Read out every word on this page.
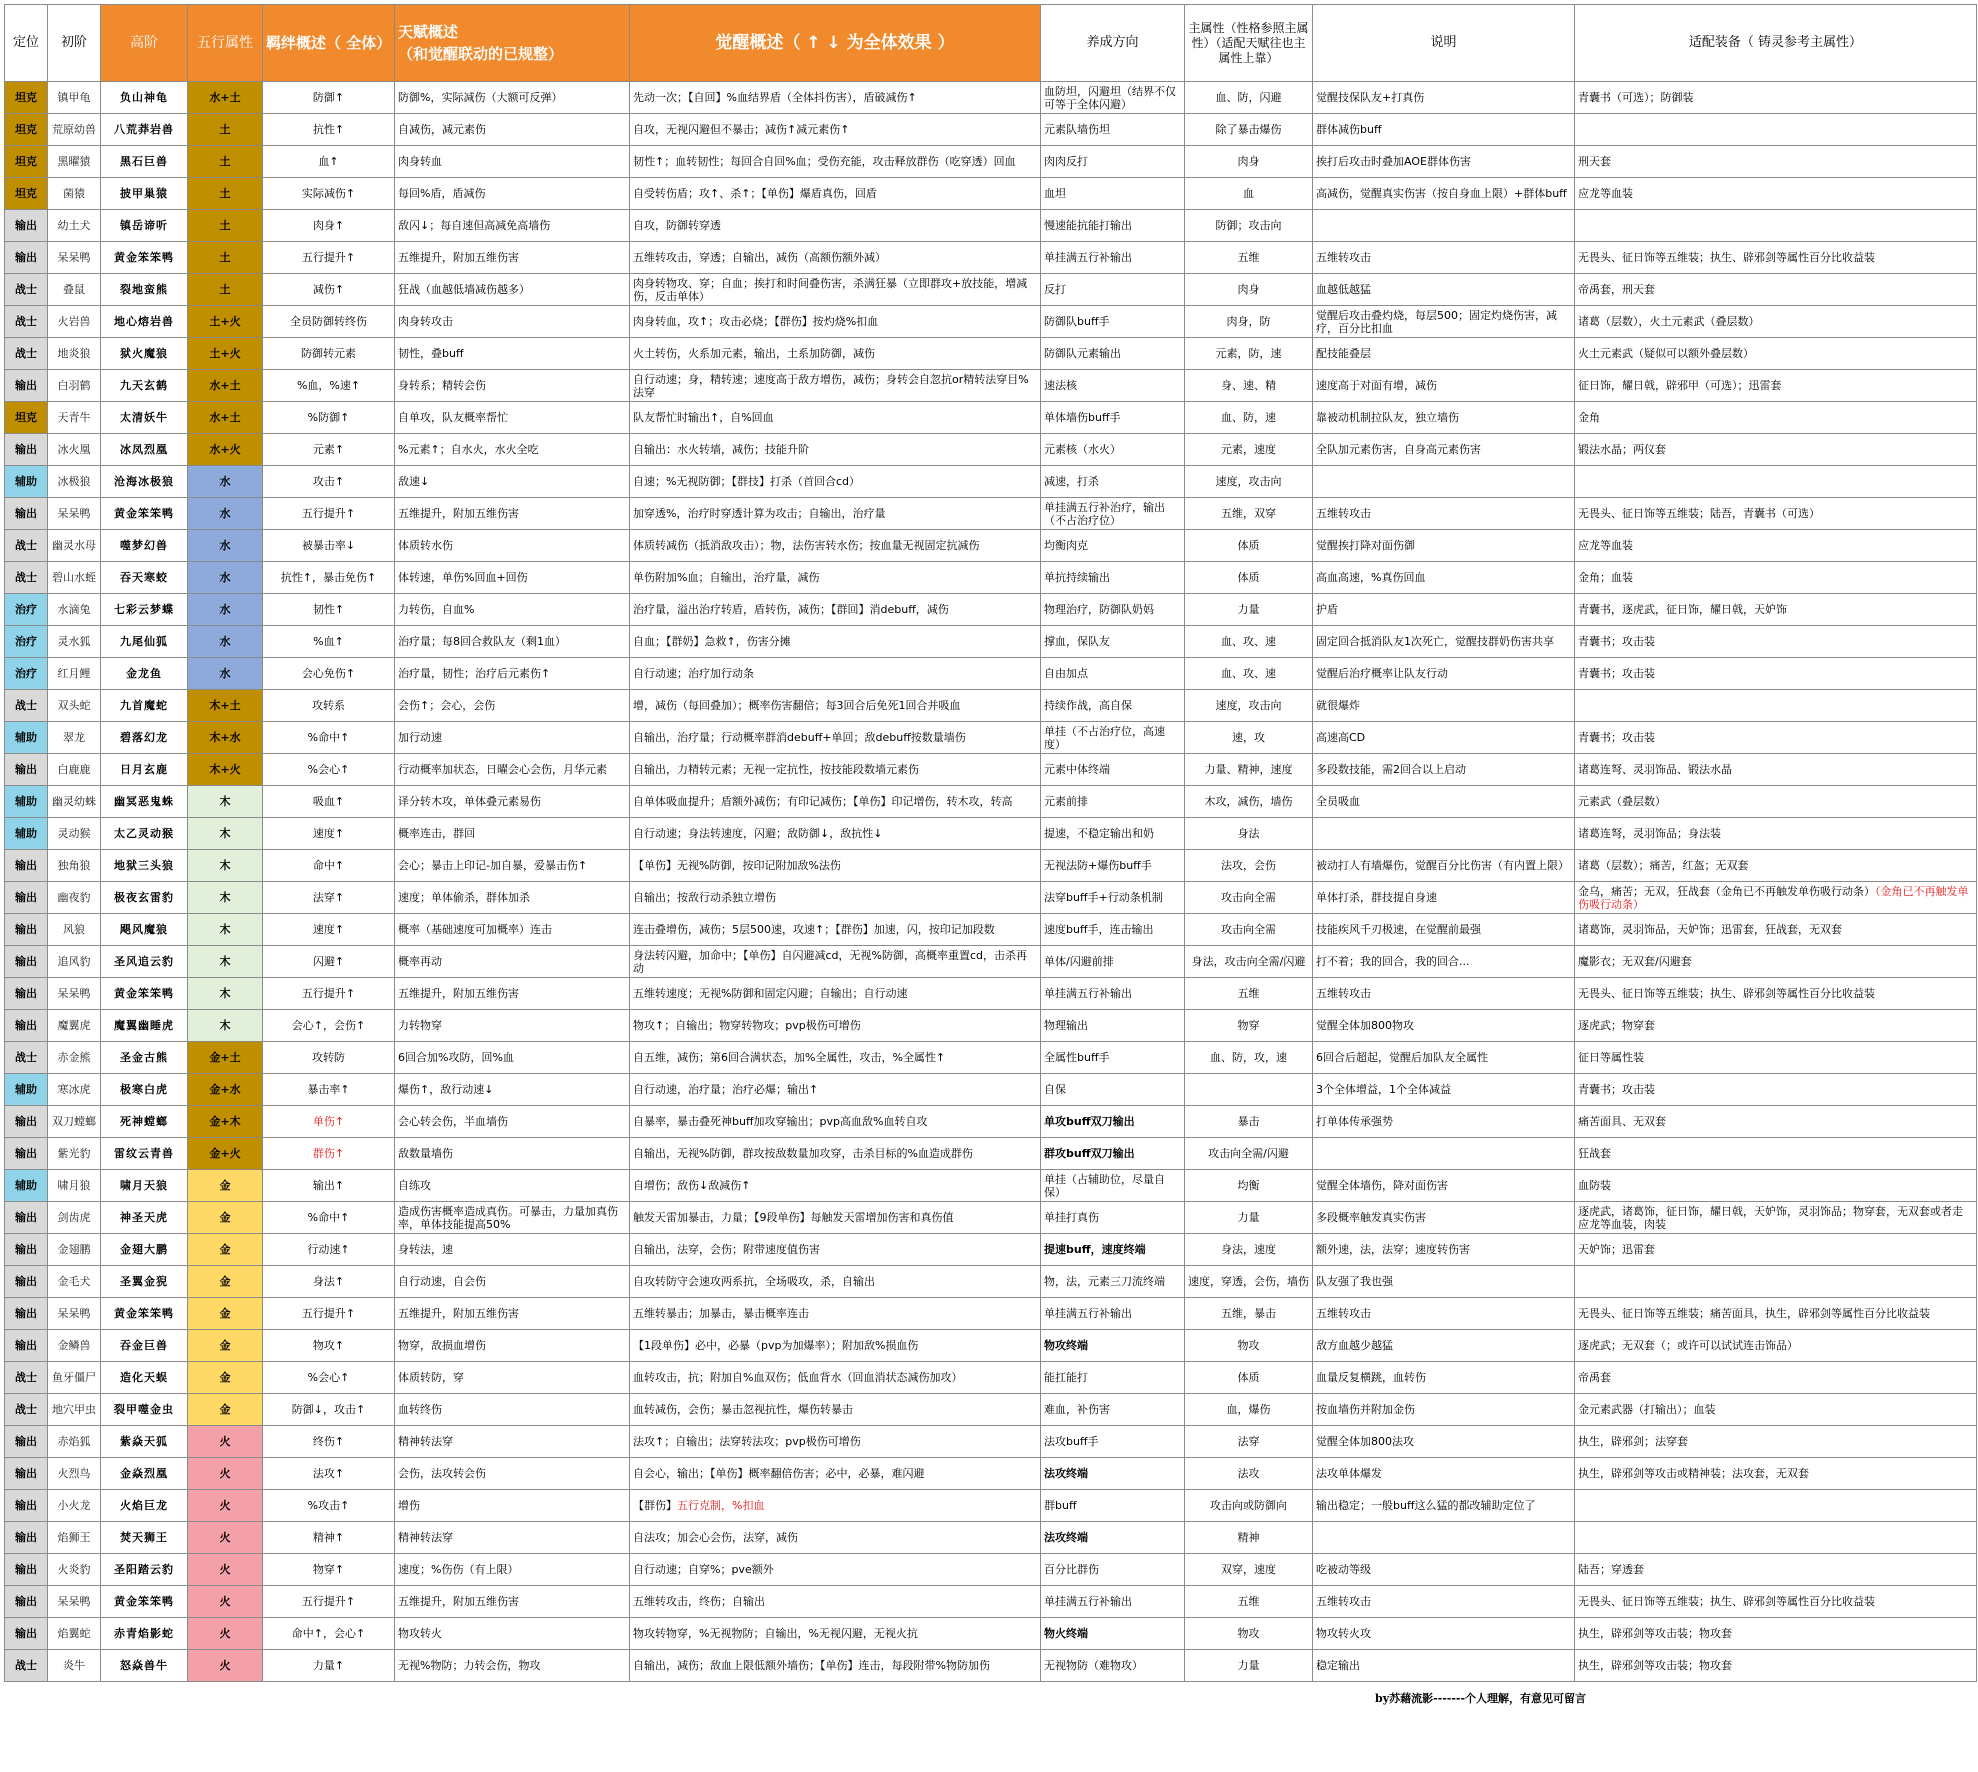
定位	初阶	高阶	五行属性	羁绊概述（ 全体）	天赋概述
（和觉醒联动的已规整）	觉醒概述（ ↑ ↓ 为全体效果 ）	养成方向	主属性（性格参照主属性）（适配天赋往也主属性上靠）	说明	适配装备（ 铸灵参考主属性）
坦克	镇甲龟	负山神龟	水+土	防御↑	防御%，实际减伤（大额可反弹）	先动一次；【自回】%血结界盾（全体抖伤害），盾破减伤↑	血防坦，闪避坦（结界不仅可等于全体闪避）	血、防，闪避	觉醒技保队友+打真伤	青囊书（可选）；防御装
坦克	荒原幼兽	八荒莽岩兽	土	抗性↑	自减伤，减元素伤	自攻，无视闪避但不暴击；减伤↑减元素伤↑	元素队墙伤坦	除了暴击爆伤	群体减伤buff	
坦克	黑曜猿	黑石巨兽	土	血↑	肉身转血	韧性↑；血转韧性；每回合自回%血；受伤充能，攻击释放群伤（吃穿透）回血	肉肉反打	肉身	挨打后攻击时叠加AOE群体伤害	刑天套
坦克	菌猿	披甲巢猿	土	实际减伤↑	每回%盾，盾减伤	自受转伤盾；攻↑、杀↑；【单伤】爆盾真伤，回盾	血坦	血	高减伤，觉醒真实伤害（按自身血上限）+群体buff	应龙等血装
输出	幼土犬	镇岳谛听	土	肉身↑	敌闪↓；每自速但高减免高墙伤	自攻，防御转穿透	慢速能抗能打输出	防御；攻击向		
输出	呆呆鸭	黄金笨笨鸭	土	五行提升↑	五维提升，附加五维伤害	五维转攻击，穿透；自输出，减伤（高额伤额外减）	单挂满五行补输出	五维	五维转攻击	无畏头、征日饰等五维装；执生、辟邪剑等属性百分比收益装
战士	叠鼠	裂地蛮熊	土	减伤↑	狂战（血越低墙减伤越多）	肉身转物攻、穿；自血；挨打和时间叠伤害，杀满狂暴（立即群攻+放技能，增减伤，反击单体）	反打	肉身	血越低越猛	帝禹套，刑天套
战士	火岩兽	地心熔岩兽	土+火	全员防御转终伤	肉身转攻击	肉身转血，攻↑；攻击必烧；【群伤】按灼烧%扣血	防御队buff手	肉身，防	觉醒后攻击叠灼烧，每层500；固定灼烧伤害，减疗，百分比扣血	诸葛（层数），火土元素武（叠层数）
战士	地炎狼	狱火魔狼	土+火	防御转元素	韧性，叠buff	火土转伤，火系加元素，输出，土系加防御，减伤	防御队元素输出	元素，防，速	配技能叠层	火土元素武（疑似可以额外叠层数）
输出	白羽鹤	九天玄鹤	水+土	%血，%速↑	身转系；精转会伤	自行动速；身，精转速；速度高于敌方增伤，减伤；身转会自忽抗or精转法穿目%法穿	速法核	身、速、精	速度高于对面有增，减伤	征日饰，耀日戟，辟邪甲（可选）；迅雷套
坦克	天青牛	太清妖牛	水+土	%防御↑	自单攻，队友概率帮忙	队友帮忙时输出↑，自%回血	单体墙伤buff手	血、防，速	靠被动机制拉队友，独立墙伤	金角
输出	冰火凰	冰凤烈凰	水+火	元素↑	%元素↑；自水火，水火全吃	自输出：水火转墙，减伤；技能升阶	元素核（水火）	元素，速度	全队加元素伤害，自身高元素伤害	锻法水晶；两仪套
辅助	冰极狼	沧海冰极狼	水	攻击↑	敌速↓	自速；%无视防御；【群技】打杀（首回合cd）	减速，打杀	速度，攻击向		
输出	呆呆鸭	黄金笨笨鸭	水	五行提升↑	五维提升，附加五维伤害	加穿透%，治疗时穿透计算为攻击；自输出，治疗量	单挂满五行补治疗，输出（不占治疗位）	五维，双穿	五维转攻击	无畏头、征日饰等五维装；陆吾，青囊书（可选）
战士	幽灵水母	噬梦幻兽	水	被暴击率↓	体质转水伤	体质转减伤（抵消敌攻击）；物，法伤害转水伤；按血量无视固定抗减伤	均衡肉克	体质	觉醒挨打降对面伤御	应龙等血装
战士	碧山水蛭	吞天寒蛟	水	抗性↑，暴击免伤↑	体转速，单伤%回血+回伤	单伤附加%血；自输出，治疗量，减伤	单抗持续输出	体质	高血高速，%真伤回血	金角；血装
治疗	水滴兔	七彩云梦蝶	水	韧性↑	力转伤，自血%	治疗量，溢出治疗转盾，盾转伤，减伤；【群回】消debuff，减伤	物理治疗，防御队奶妈	力量	护盾	青囊书，逐虎武，征日饰，耀日戟，天妒饰
治疗	灵水狐	九尾仙狐	水	%血↑	治疗量；每8回合救队友（剩1血）	自血；【群奶】急救↑，伤害分摊	撑血，保队友	血、攻、速	固定回合抵消队友1次死亡，觉醒技群奶伤害共享	青囊书；攻击装
治疗	红月鲤	金龙鱼	水	会心免伤↑	治疗量，韧性；治疗后元素伤↑	自行动速；治疗加行动条	自由加点	血、攻、速	觉醒后治疗概率让队友行动	青囊书；攻击装
战士	双头蛇	九首魔蛇	木+土	攻转系	会伤↑；会心，会伤	增，减伤（每回叠加）；概率伤害翻倍；每3回合后免死1回合并吸血	持续作战，高自保	速度，攻击向	就很爆炸	
辅助	翠龙	碧落幻龙	木+水	%命中↑	加行动速	自输出，治疗量；行动概率群消debuff+单回；敌debuff按数量墙伤	单挂（不占治疗位，高速度）	速，攻	高速高CD	青囊书；攻击装
输出	白鹿鹿	日月玄鹿	木+火	%会心↑	行动概率加状态，日曜会心会伤，月华元素	自输出，力精转元素；无视一定抗性，按技能段数墙元素伤	元素中体终端	力量、精神，速度	多段数技能，需2回合以上启动	诸葛连弩、灵羽饰品、锻法水晶
辅助	幽灵幼蛛	幽冥恶鬼蛛	木	吸血↑	译分转木攻，单体叠元素易伤	自单体吸血提升；盾额外减伤；有印记减伤；【单伤】印记增伤，转木攻，转高	元素前排	木攻，减伤，墙伤	全员吸血	元素武（叠层数）
辅助	灵动猴	太乙灵动猴	木	速度↑	概率连击，群回	自行动速；身法转速度，闪避；敌防御↓，敌抗性↓	提速，不稳定输出和奶	身法		诸葛连弩，灵羽饰品；身法装
输出	独角狼	地狱三头狼	木	命中↑	会心；暴击上印记-加自暴，爱暴击伤↑	【单伤】无视%防御，按印记附加敌%法伤	无视法防+爆伤buff手	法攻，会伤	被动打人有墙爆伤，觉醒百分比伤害（有内置上限）	诸葛（层数）；痛苦，红盔；无双套
输出	幽夜豹	极夜玄雷豹	木	法穿↑	速度；单体偷杀，群体加杀	自输出；按敌行动杀独立增伤	法穿buff手+行动条机制	攻击向全需	单体打杀，群技提自身速	金乌，痛苦；无双，狂战套（金角已不再触发单伤吸行动条）（金角已不再触发单伤吸行动条）
输出	风狼	飓风魔狼	木	速度↑	概率（基础速度可加概率）连击	连击叠增伤，减伤；5层500速，攻速↑；【群伤】加速，闪，按印记加段数	速度buff手，连击输出	攻击向全需	技能疾风千刃极速，在觉醒前最强	诸葛饰，灵羽饰品，天妒饰；迅雷套，狂战套，无双套
输出	追风豹	圣风追云豹	木	闪避↑	概率再动	身法转闪避，加命中；【单伤】自闪避减cd，无视%防御，高概率重置cd，击杀再动	单体/闪避前排	身法，攻击向全需/闪避	打不着；我的回合，我的回合...	魔影衣；无双套/闪避套
输出	呆呆鸭	黄金笨笨鸭	木	五行提升↑	五维提升，附加五维伤害	五维转速度；无视%防御和固定闪避；自输出；自行动速	单挂满五行补输出	五维	五维转攻击	无畏头、征日饰等五维装；执生、辟邪剑等属性百分比收益装
输出	魔翼虎	魔翼幽睡虎	木	会心↑，会伤↑	力转物穿	物攻↑；自输出；物穿转物攻；pvp极伤可增伤	物理输出	物穿	觉醒全体加800物攻	逐虎武；物穿套
战士	赤金熊	圣金古熊	金+土	攻转防	6回合加%攻防，回%血	自五维，减伤；第6回合满状态，加%全属性，攻击，%全属性↑	全属性buff手	血、防，攻，速	6回合后超起，觉醒后加队友全属性	征日等属性装
辅助	寒冰虎	极寒白虎	金+水	暴击率↑	爆伤↑，敌行动速↓	自行动速，治疗量；治疗必爆；输出↑	自保		3个全体增益，1个全体减益	青囊书；攻击装
输出	双刀螳螂	死神螳螂	金+木	单伤↑	会心转会伤，半血墙伤	自暴率，暴击叠死神buff加攻穿输出；pvp高血敌%血转自攻	单攻buff双刀输出	暴击	打单体传承强势	痛苦面具、无双套
输出	紫光豹	雷纹云青兽	金+火	群伤↑	敌数量墙伤	自输出，无视%防御，群攻按敌数量加攻穿，击杀目标的%血造成群伤	群攻buff双刀输出	攻击向全需/闪避		狂战套
辅助	啸月狼	啸月天狼	金	输出↑	自练攻	自增伤；敌伤↓敌减伤↑	单挂（占辅助位，尽量自保）	均衡	觉醒全体墙伤，降对面伤害	血防装
输出	剑齿虎	神圣天虎	金	%命中↑	造成伤害概率造成真伤。可暴击，力量加真伤率，单体技能提高50%	触发天雷加暴击，力量；【9段单伤】每触发天雷增加伤害和真伤值	单挂打真伤	力量	多段概率触发真实伤害	逐虎武，诸葛饰，征日饰，耀日戟，天妒饰，灵羽饰品；物穿套，无双套或者走应龙等血装，肉装
输出	金翅鹏	金翅大鹏	金	行动速↑	身转法，速	自输出，法穿，会伤；附带速度值伤害	提速buff，速度终端	身法，速度	额外速，法，法穿；速度转伤害	天妒饰；迅雷套
输出	金毛犬	圣翼金猊	金	身法↑	自行动速，自会伤	自攻转防守会速攻两系抗，全场吸攻，杀，自输出	物，法，元素三刀流终端	速度，穿透，会伤，墙伤	队友强了我也强	
输出	呆呆鸭	黄金笨笨鸭	金	五行提升↑	五维提升，附加五维伤害	五维转暴击；加暴击，暴击概率连击	单挂满五行补输出	五维，暴击	五维转攻击	无畏头、征日饰等五维装；痛苦面具，执生，辟邪剑等属性百分比收益装
输出	金鳞兽	吞金巨兽	金	物攻↑	物穿，敌损血增伤	【1段单伤】必中，必暴（pvp为加爆率）；附加敌%损血伤	物攻终端	物攻	敌方血越少越猛	逐虎武；无双套（；或许可以试试连击饰品）
战士	鱼牙僵尸	造化天蜈	金	%会心↑	体质转防，穿	血转攻击，抗；附加自%血双伤；低血背水（回血消状态减伤加攻）	能扛能打	体质	血量反复横跳，血转伤	帝禹套
战士	地穴甲虫	裂甲噬金虫	金	防御↓，攻击↑	血转终伤	血转减伤，会伤；暴击忽视抗性，爆伤转暴击	难血，补伤害	血，爆伤	按血墙伤并附加金伤	金元素武器（打输出）；血装
输出	赤焰狐	紫焱天狐	火	终伤↑	精神转法穿	法攻↑；自输出；法穿转法攻；pvp极伤可增伤	法攻buff手	法穿	觉醒全体加800法攻	执生，辟邪剑；法穿套
输出	火烈鸟	金焱烈凰	火	法攻↑	会伤，法攻转会伤	自会心，输出；【单伤】概率翻倍伤害；必中，必暴，难闪避	法攻终端	法攻	法攻单体爆发	执生，辟邪剑等攻击或精神装；法攻套，无双套
输出	小火龙	火焰巨龙	火	%攻击↑	增伤	【群伤】五行克制，%扣血	群buff	攻击向或防御向	输出稳定；一般buff这么猛的都改辅助定位了	
输出	焰狮王	焚天狮王	火	精神↑	精神转法穿	自法攻；加会心会伤，法穿，减伤	法攻终端	精神		
输出	火炎豹	圣阳踏云豹	火	物穿↑	速度；%伤伤（有上限）	自行动速；自穿%；pve额外	百分比群伤	双穿，速度	吃被动等级	陆吾；穿透套
输出	呆呆鸭	黄金笨笨鸭	火	五行提升↑	五维提升，附加五维伤害	五维转攻击，终伤；自输出	单挂满五行补输出	五维	五维转攻击	无畏头、征日饰等五维装；执生、辟邪剑等属性百分比收益装
输出	焰翼蛇	赤青焰影蛇	火	命中↑，会心↑	物攻转火	物攻转物穿，%无视物防；自输出，%无视闪避，无视火抗	物火终端	物攻	物攻转火攻	执生，辟邪剑等攻击装；物攻套
战士	炎牛	怒焱兽牛	火	力量↑	无视%物防；力转会伤，物攻	自输出，减伤；敌血上限低额外墙伤；【单伤】连击，每段附带%物防加伤	无视物防（难物攻）	力量	稳定输出	执生，辟邪剑等攻击装；物攻套
by苏藉流影-------个人理解，有意见可留言
